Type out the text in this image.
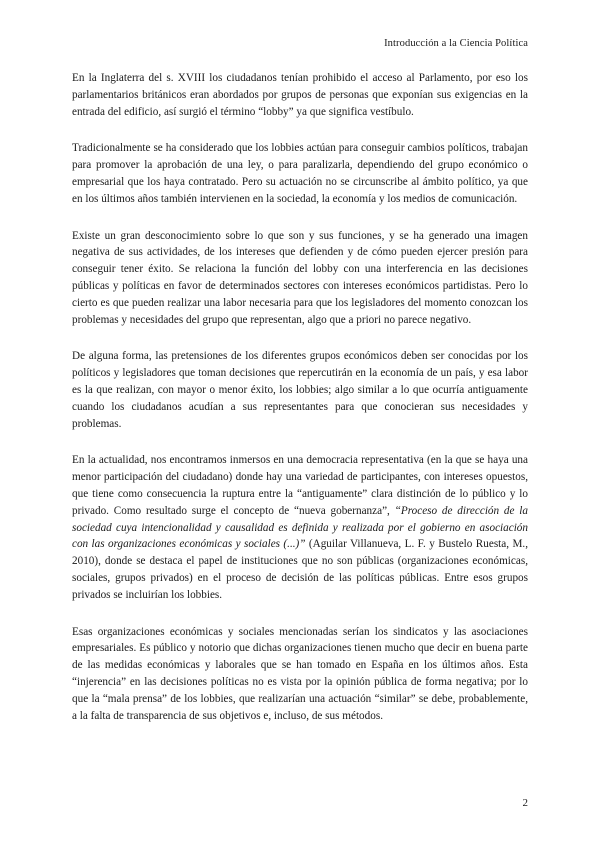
Introducción a la Ciencia Política

En la Inglaterra del s. XVIII los ciudadanos tenían prohibido el acceso al Parlamento, por eso los parlamentarios británicos eran abordados por grupos de personas que exponían sus exigencias en la entrada del edificio, así surgió el término “lobby” ya que significa vestíbulo.

Tradicionalmente se ha considerado que los lobbies actúan para conseguir cambios políticos, trabajan para promover la aprobación de una ley, o para paralizarla, dependiendo del grupo económico o empresarial que los haya contratado. Pero su actuación no se circunscribe al ámbito político, ya que en los últimos años también intervienen en la sociedad, la economía y los medios de comunicación.

Existe un gran desconocimiento sobre lo que son y sus funciones, y se ha generado una imagen negativa de sus actividades, de los intereses que defienden y de cómo pueden ejercer presión para conseguir tener éxito. Se relaciona la función del lobby con una interferencia en las decisiones públicas y políticas en favor de determinados sectores con intereses económicos partidistas. Pero lo cierto es que pueden realizar una labor necesaria para que los legisladores del momento conozcan los problemas y necesidades del grupo que representan, algo que a priori no parece negativo.

De alguna forma, las pretensiones de los diferentes grupos económicos deben ser conocidas por los políticos y legisladores que toman decisiones que repercutirán en la economía de un país, y esa labor es la que realizan, con mayor o menor éxito, los lobbies; algo similar a lo que ocurría antiguamente cuando los ciudadanos acudían a sus representantes para que conocieran sus necesidades y problemas.

En la actualidad, nos encontramos inmersos en una democracia representativa (en la que se haya una menor participación del ciudadano) donde hay una variedad de participantes, con intereses opuestos, que tiene como consecuencia la ruptura entre la “antiguamente” clara distinción de lo público y lo privado. Como resultado surge el concepto de “nueva gobernanza”, “Proceso de dirección de la sociedad cuya intencionalidad y causalidad es definida y realizada por el gobierno en asociación con las organizaciones económicas y sociales (...)” (Aguilar Villanueva, L. F. y Bustelo Ruesta, M., 2010), donde se destaca el papel de instituciones que no son públicas (organizaciones económicas, sociales, grupos privados) en el proceso de decisión de las políticas públicas. Entre esos grupos privados se incluirían los lobbies.

Esas organizaciones económicas y sociales mencionadas serían los sindicatos y las asociaciones empresariales. Es público y notorio que dichas organizaciones tienen mucho que decir en buena parte de las medidas económicas y laborales que se han tomado en España en los últimos años. Esta “injerencia” en las decisiones políticas no es vista por la opinión pública de forma negativa; por lo que la “mala prensa” de los lobbies, que realizarían una actuación “similar” se debe, probablemente, a la falta de transparencia de sus objetivos e, incluso, de sus métodos.

2
